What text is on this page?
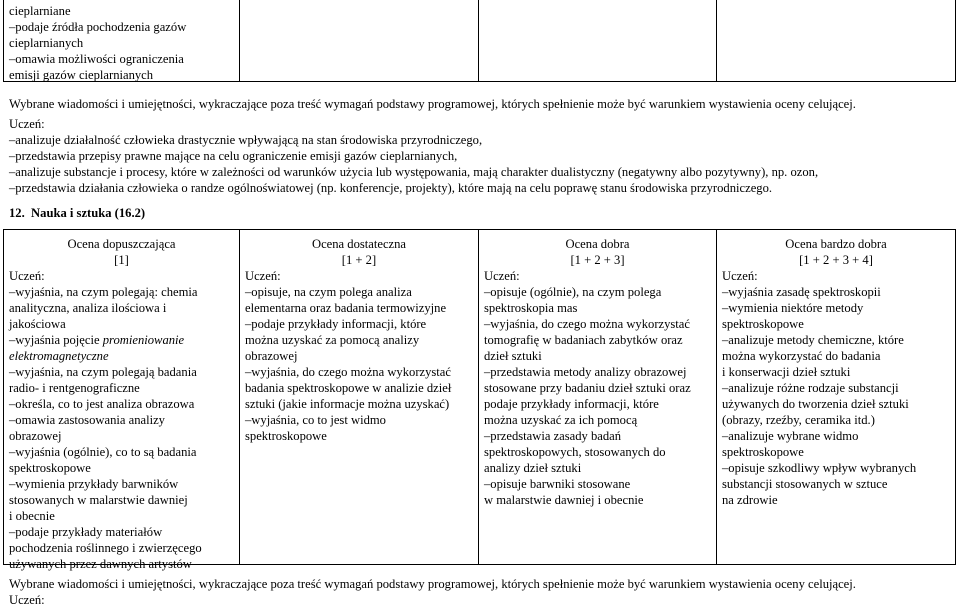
cieplarniane
–podaje źródła pochodzenia gazów
cieplarnianych
–omawia możliwości ograniczenia
emisji gazów cieplarnianych
Wybrane wiadomości i umiejętności, wykraczające poza treść wymagań podstawy programowej, których spełnienie może być warunkiem wystawienia oceny celującej.
Uczeń:
–analizuje działalność człowieka drastycznie wpływającą na stan środowiska przyrodniczego,
–przedstawia przepisy prawne mające na celu ograniczenie emisji gazów cieplarnianych,
–analizuje substancje i procesy, które w zależności od warunków użycia lub występowania, mają charakter dualistyczny (negatywny albo pozytywny), np. ozon,
–przedstawia działania człowieka o randze ogólnoświatowej (np. konferencje, projekty), które mają na celu poprawę stanu środowiska przyrodniczego.
12. Nauka i sztuka (16.2)
Ocena dopuszczająca
[1]
Uczeń:
–wyjaśnia, na czym polegają: chemia
analityczna, analiza ilościowa i
jakościowa
–wyjaśnia pojęcie promieniowanie
elektromagnetyczne
–wyjaśnia, na czym polegają badania
radio- i rentgenograficzne
–określa, co to jest analiza obrazowa
–omawia zastosowania analizy
obrazowej
–wyjaśnia (ogólnie), co to są badania
spektroskopowe
–wymienia przykłady barwników
stosowanych w malarstwie dawniej
i obecnie
–podaje przykłady materiałów
pochodzenia roślinnego i zwierzęcego
używanych przez dawnych artystów
Ocena dostateczna
[1 + 2]
Uczeń:
–opisuje, na czym polega analiza
elementarna oraz badania termowizyjne
–podaje przykłady informacji, które
można uzyskać za pomocą analizy
obrazowej
–wyjaśnia, do czego można wykorzystać
badania spektroskopowe w analizie dzieł
sztuki (jakie informacje można uzyskać)
–wyjaśnia, co to jest widmo
spektroskopowe
Ocena dobra
[1 + 2 + 3]
Uczeń:
–opisuje (ogólnie), na czym polega
spektroskopia mas
–wyjaśnia, do czego można wykorzystać
tomografię w badaniach zabytków oraz
dzieł sztuki
–przedstawia metody analizy obrazowej
stosowane przy badaniu dzieł sztuki oraz
podaje przykłady informacji, które
można uzyskać za ich pomocą
–przedstawia zasady badań
spektroskopowych, stosowanych do
analizy dzieł sztuki
–opisuje barwniki stosowane
w malarstwie dawniej i obecnie
Ocena bardzo dobra
[1 + 2 + 3 + 4]
Uczeń:
–wyjaśnia zasadę spektroskopii
–wymienia niektóre metody
spektroskopowe
–analizuje metody chemiczne, które
można wykorzystać do badania
i konserwacji dzieł sztuki
–analizuje różne rodzaje substancji
używanych do tworzenia dzieł sztuki
(obrazy, rzeźby, ceramika itd.)
–analizuje wybrane widmo
spektroskopowe
–opisuje szkodliwy wpływ wybranych
substancji stosowanych w sztuce
na zdrowie
Wybrane wiadomości i umiejętności, wykraczające poza treść wymagań podstawy programowej, których spełnienie może być warunkiem wystawienia oceny celującej.
Uczeń:
